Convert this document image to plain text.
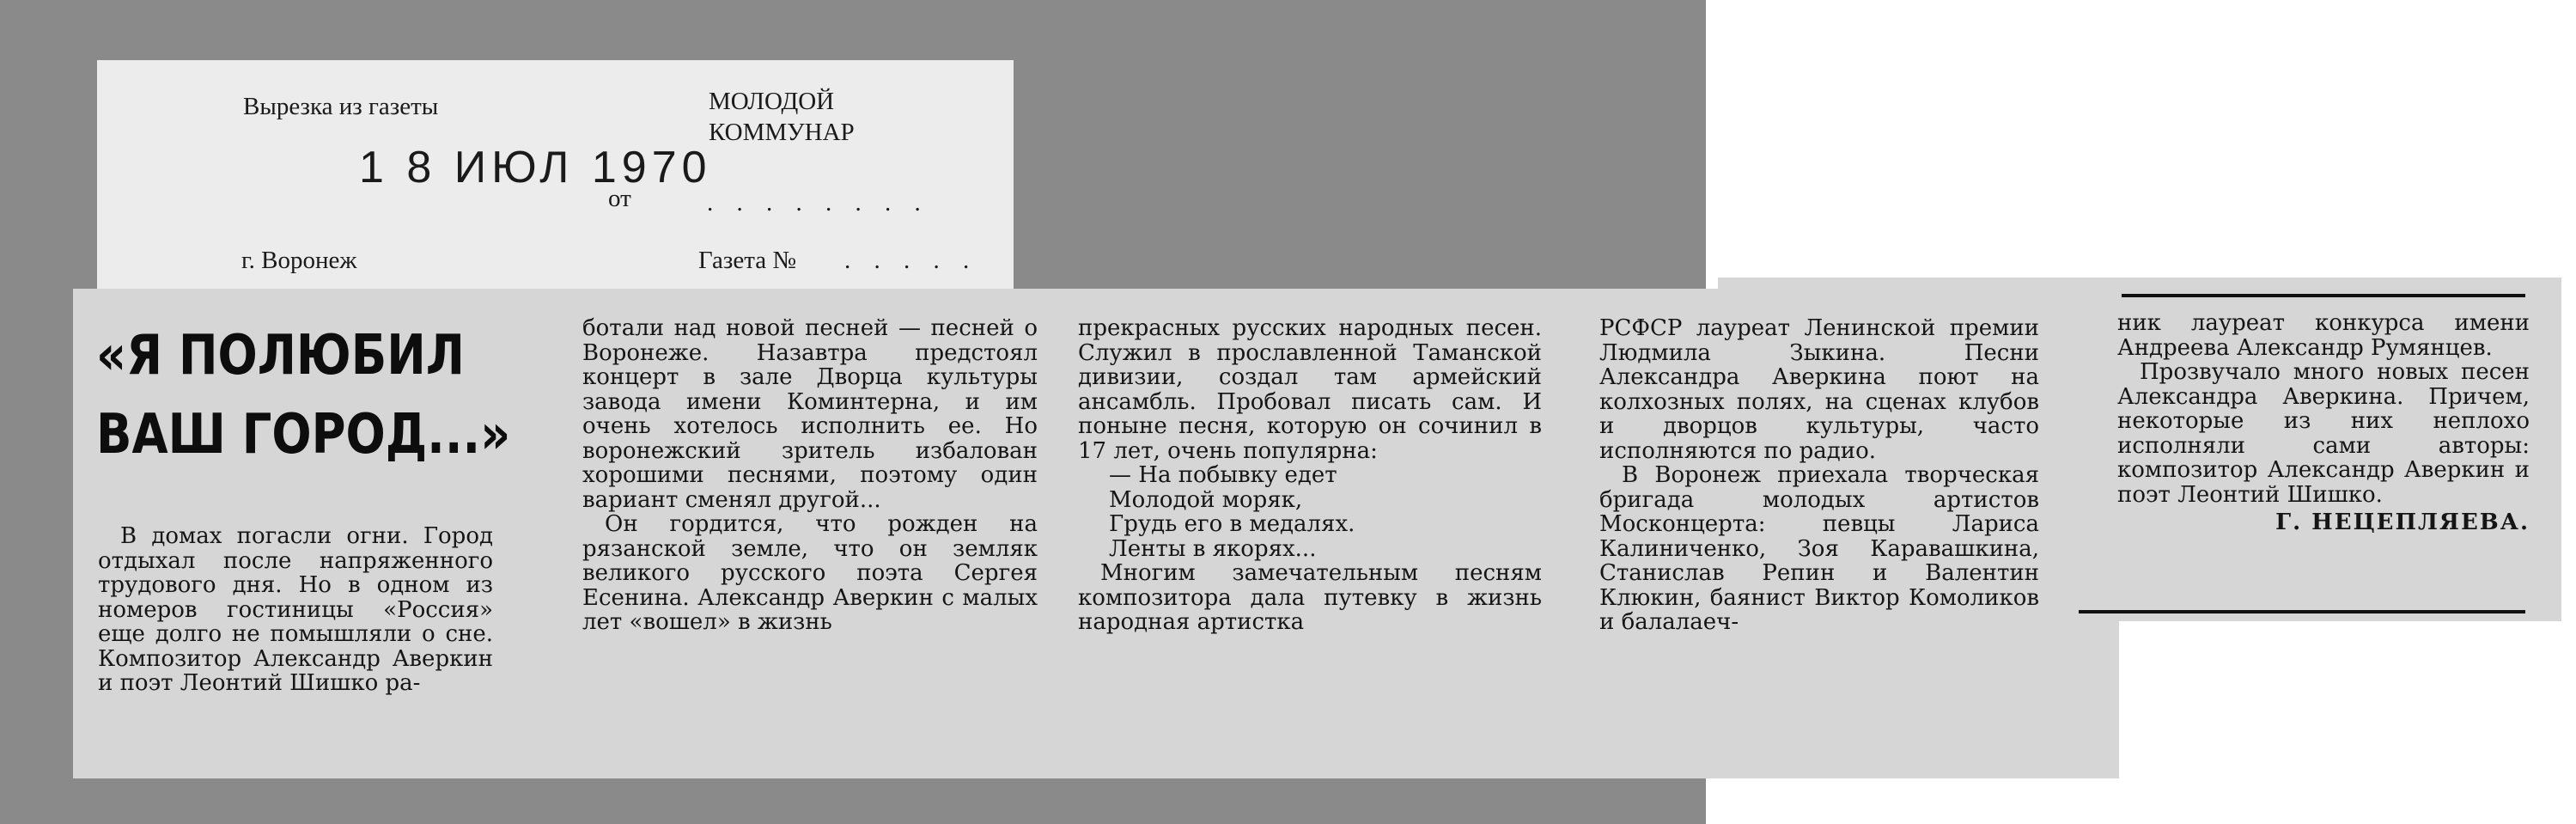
Вырезка из газеты	МОЛОДОЙ
КОММУНАР
1 8 ИЮЛ 1970
от	. . . . . . . .
г. Воронеж	Газета № . . . . .
«Я ПОЛЮБИЛ
ВАШ ГОРОД...»

В домах погасли огни. Город отдыхал после напряженного трудового дня. Но в одном из номеров гостиницы «Россия» еще долго не помышляли о сне. Композитор Александр Аверкин и поэт Леонтий Шишко ра-

ботали над новой песней — песней о Воронеже. Назавтра предстоял концерт в зале Дворца культуры завода имени Коминтерна, и им очень хотелось исполнить ее. Но воронежский зритель избалован хорошими песнями, поэтому один вариант сменял другой...

Он гордится, что рожден на рязанской земле, что он земляк великого русского поэта Сергея Есенина. Александр Аверкин с малых лет «вошел» в жизнь

прекрасных русских народных песен. Служил в прославленной Таманской дивизии, создал там армейский ансамбль. Пробовал писать сам. И поныне песня, которую он сочинил в 17 лет, очень популярна:

— На побывку едет

Молодой моряк,

Грудь его в медалях.

Ленты в якорях...

Многим замечательным песням композитора дала путевку в жизнь народная артистка

РСФСР лауреат Ленинской премии Людмила Зыкина. Песни Александра Аверкина поют на колхозных полях, на сценах клубов и дворцов культуры, часто исполняются по радио.

В Воронеж приехала творческая бригада молодых артистов Москонцерта: певцы Лариса Калиниченко, Зоя Каравашкина, Станислав Репин и Валентин Клюкин, баянист Виктор Комоликов и балалаеч-

ник лауреат конкурса имени Андреева Александр Румянцев.

Прозвучало много новых песен Александра Аверкина. Причем, некоторые из них неплохо исполняли сами авторы: композитор Александр Аверкин и поэт Леонтий Шишко.

Г. НЕЦЕПЛЯЕВА.
